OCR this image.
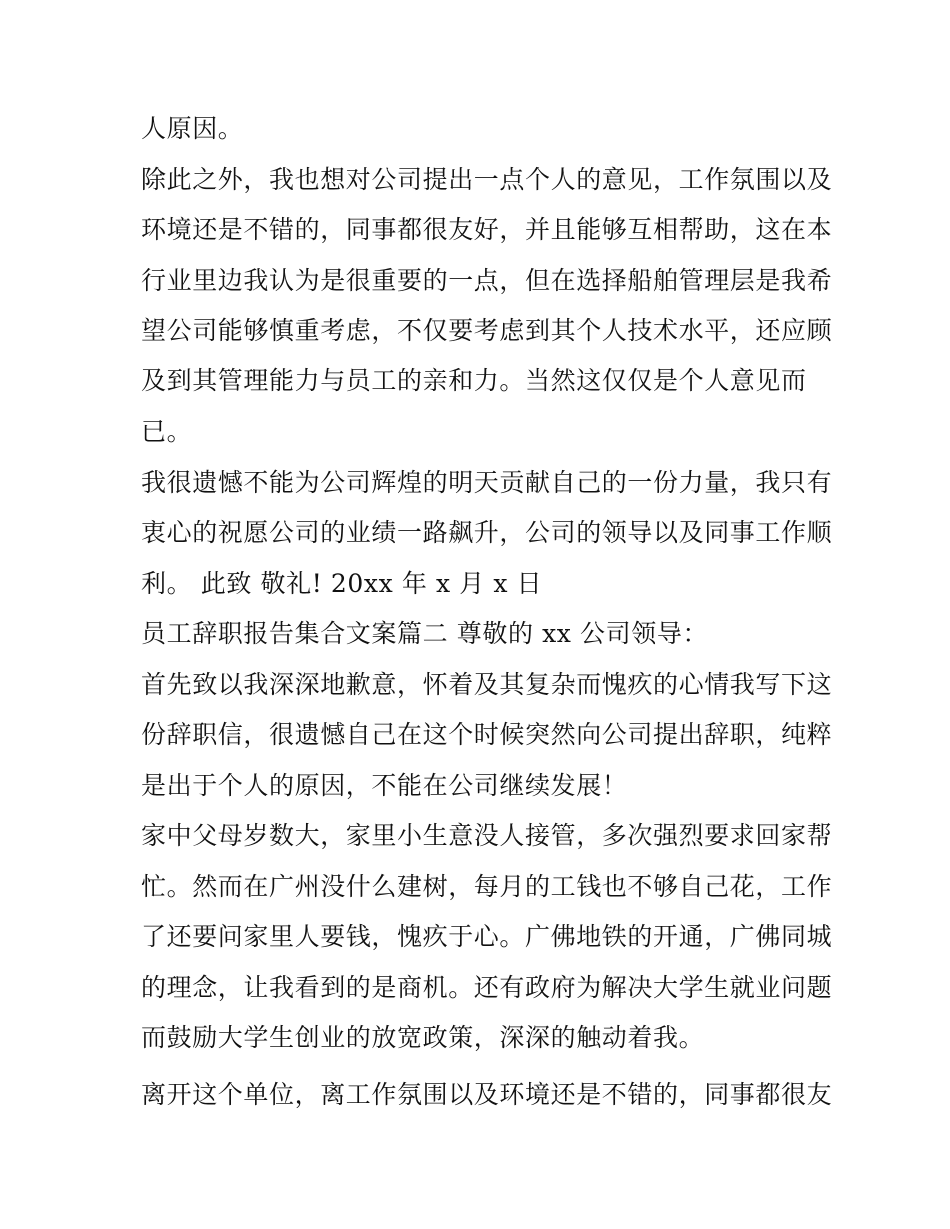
人原因。

除此之外，我也想对公司提出一点个人的意见，工作氛围以及

环境还是不错的，同事都很友好，并且能够互相帮助，这在本

行业里边我认为是很重要的一点，但在选择船舶管理层是我希

望公司能够慎重考虑，不仅要考虑到其个人技术水平，还应顾

及到其管理能力与员工的亲和力。当然这仅仅是个人意见而

已。

我很遗憾不能为公司辉煌的明天贡献自己的一份力量，我只有

衷心的祝愿公司的业绩一路飙升，公司的领导以及同事工作顺

利。 此致 敬礼! 20xx 年 x 月 x 日

员工辞职报告集合文案篇二 尊敬的 xx 公司领导：

首先致以我深深地歉意，怀着及其复杂而愧疚的心情我写下这

份辞职信，很遗憾自己在这个时候突然向公司提出辞职，纯粹

是出于个人的原因，不能在公司继续发展！

家中父母岁数大，家里小生意没人接管，多次强烈要求回家帮

忙。然而在广州没什么建树，每月的工钱也不够自己花，工作

了还要问家里人要钱，愧疚于心。广佛地铁的开通，广佛同城

的理念，让我看到的是商机。还有政府为解决大学生就业问题

而鼓励大学生创业的放宽政策，深深的触动着我。

离开这个单位，离工作氛围以及环境还是不错的，同事都很友
